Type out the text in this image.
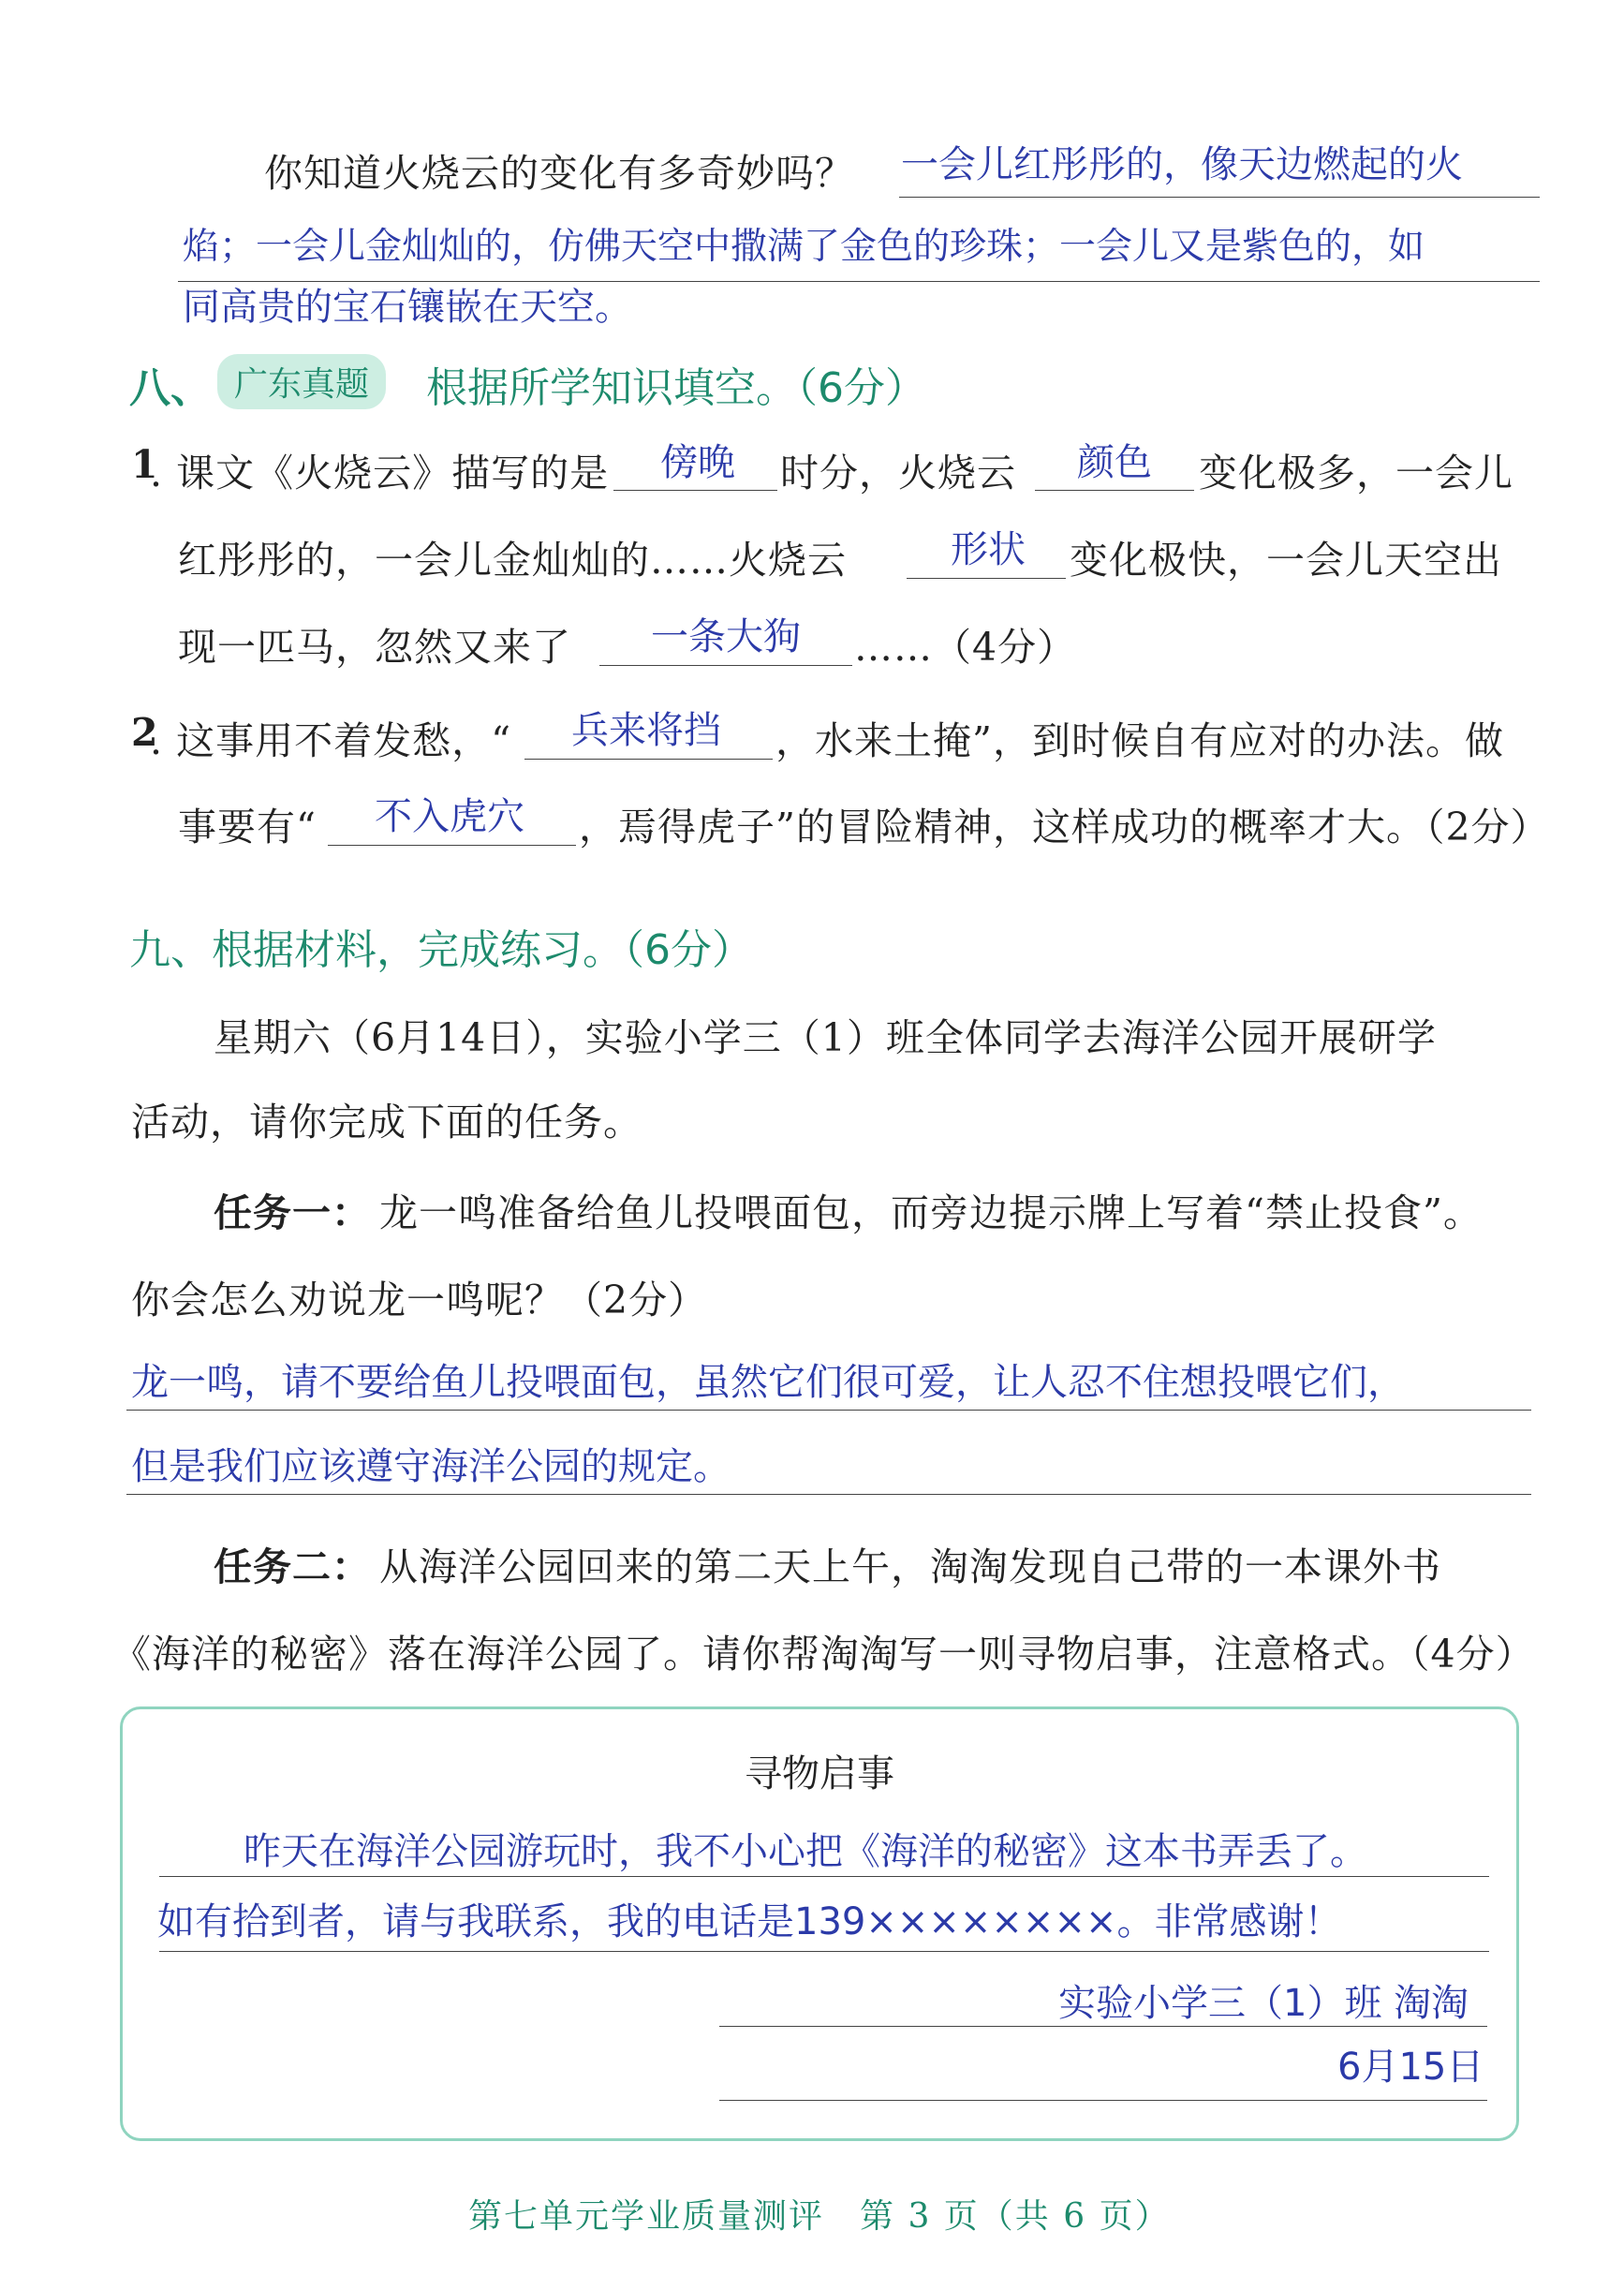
你知道火烧云的变化有多奇妙吗？ 一会儿红彤彤的，像天边燃起的火
焰；一会儿金灿灿的，仿佛天空中撒满了金色的珍珠；一会儿又是紫色的，如
同高贵的宝石镶嵌在天空。
八、 广东真题	根据所学知识填空。（6分）
1
. 课文《火烧云》描写的是 傍晚 时分，火烧云 颜色 变化极多，一会儿
红彤彤的，一会儿金灿灿的……火烧云	形状 变化极快，一会儿天空出
现一匹马，忽然又来了 一条大狗 ……（4分）
2
. 这事用不着发愁，“ 兵来将挡 ，水来土掩”，到时候自有应对的办法。做
事要有“ 不入虎穴 ，焉得虎子”的冒险精神，这样成功的概率才大。（2分）
九、根据材料，完成练习。（6分）
星期六（6月14日），实验小学三（1）班全体同学去海洋公园开展研学
活动，请你完成下面的任务。
任务一： 龙一鸣准备给鱼儿投喂面包，而旁边提示牌上写着“禁止投食”。
你会怎么劝说龙一鸣呢？（2分）
龙一鸣，请不要给鱼儿投喂面包，虽然它们很可爱，让人忍不住想投喂它们，
但是我们应该遵守海洋公园的规定。
任务二： 从海洋公园回来的第二天上午，淘淘发现自己带的一本课外书
《海洋的秘密》落在海洋公园了。请你帮淘淘写一则寻物启事，注意格式。（4分）
寻物启事
昨天在海洋公园游玩时，我不小心把《海洋的秘密》这本书弄丢了。
如有拾到者，请与我联系，我的电话是139××××××××。非常感谢！
实验小学三（1）班 淘淘
6月15日
第七单元学业质量测评　第 3 页（共 6 页）
